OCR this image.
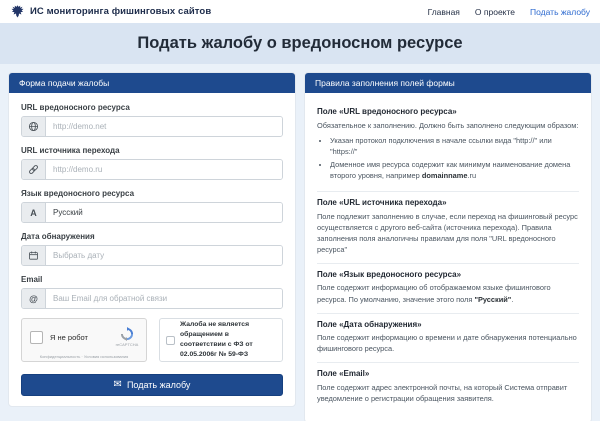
ИС мониторинга фишинговых сайтов	Главная О проекте Подать жалобу
Подать жалобу о вредоносном ресурсе
Форма подачи жалобы
URL вредоносного ресурса
http://demo.net
URL источника перехода
http://demo.ru
Язык вредоносного ресурса
A
Русский
Дата обнаружения
Выбрать дату
Email
@
Ваш Email для обратной связи
Я не робот
reCAPTCHA
Конфиденциальность · Условия использования
Жалоба не является обращением в соответствии с ФЗ от 02.05.2006г № 59-ФЗ
✉ Подать жалобу
Правила заполнения полей формы
Поле «URL вредоносного ресурса»

Обязательное к заполнению. Должно быть заполнено следующим образом:

• Указан протокол подключения в начале ссылки вида "http://" или "https://"
• Доменное имя ресурса содержит как минимум наименование домена второго уровня, например domainname.ru
Поле «URL источника перехода»

Поле подлежит заполнению в случае, если переход на фишинговый ресурс осуществляется с другого веб-сайта (источника перехода). Правила заполнения поля аналогичны правилам для поля "URL вредоносного ресурса"

Поле «Язык вредоносного ресурса»

Поле содержит информацию об отображаемом языке фишингового ресурса. По умолчанию, значение этого поля "Русский".

Поле «Дата обнаружения»

Поле содержит информацию о времени и дате обнаружения потенциально фишингового ресурса.

Поле «Email»

Поле содержит адрес электронной почты, на который Система отправит уведомление о регистрации обращения заявителя.
